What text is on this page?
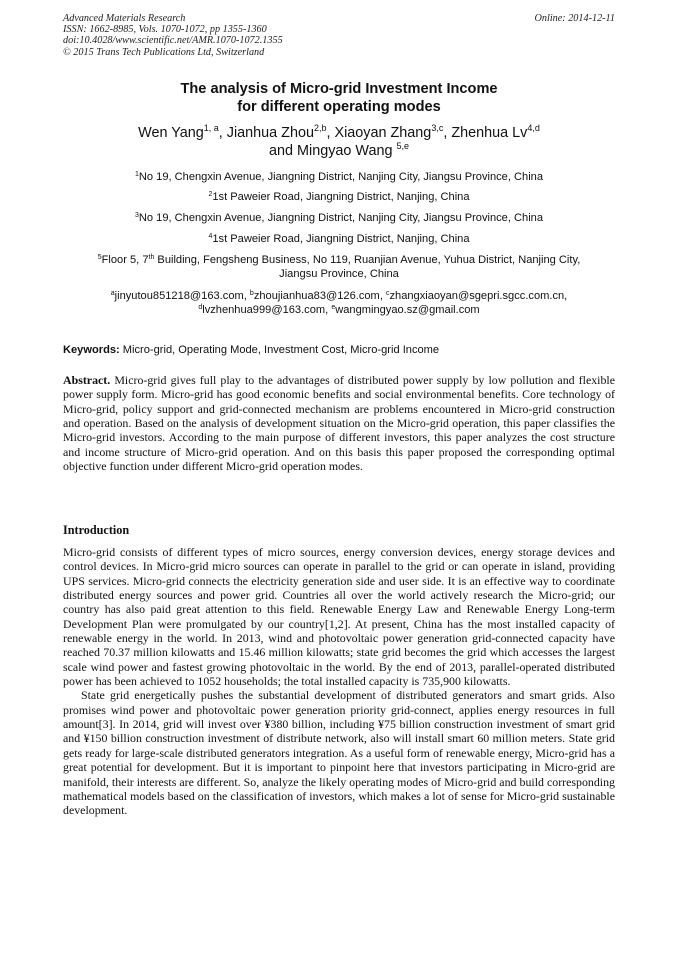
Advanced Materials Research
ISSN: 1662-8985, Vols. 1070-1072, pp 1355-1360
doi:10.4028/www.scientific.net/AMR.1070-1072.1355
© 2015 Trans Tech Publications Ltd, Switzerland
Online: 2014-12-11
The analysis of Micro-grid Investment Income
for different operating modes
Wen Yang$^{1, a}$, Jianhua Zhou$^{2,b}$, Xiaoyan Zhang$^{3,c}$, Zhenhua Lv$^{4,d}$
and Mingyao Wang $^{5,e}$
$^1$No 19, Chengxin Avenue, Jiangning District, Nanjing City, Jiangsu Province, China
$^2$1st Paweier Road, Jiangning District, Nanjing, China
$^3$No 19, Chengxin Avenue, Jiangning District, Nanjing City, Jiangsu Province, China
$^4$1st Paweier Road, Jiangning District, Nanjing, China
$^5$Floor 5, 7th Building, Fengsheng Business, No 119, Ruanjian Avenue, Yuhua District, Nanjing City,
Jiangsu Province, China
$^a$jinyutou851218@163.com, $^b$zhoujianhua83@126.com, $^c$zhangxiaoyan@sgepri.sgcc.com.cn,
$^d$lvzhenhua999@163.com, $^e$wangmingyao.sz@gmail.com
Keywords: Micro-grid, Operating Mode, Investment Cost, Micro-grid Income
Abstract. Micro-grid gives full play to the advantages of distributed power supply by low pollution and flexible power supply form. Micro-grid has good economic benefits and social environmental benefits. Core technology of Micro-grid, policy support and grid-connected mechanism are problems encountered in Micro-grid construction and operation. Based on the analysis of development situation on the Micro-grid operation, this paper classifies the Micro-grid investors. According to the main purpose of different investors, this paper analyzes the cost structure and income structure of Micro-grid operation. And on this basis this paper proposed the corresponding optimal objective function under different Micro-grid operation modes.
Introduction
Micro-grid consists of different types of micro sources, energy conversion devices, energy storage devices and control devices. In Micro-grid micro sources can operate in parallel to the grid or can operate in island, providing UPS services. Micro-grid connects the electricity generation side and user side. It is an effective way to coordinate distributed energy sources and power grid. Countries all over the world actively research the Micro-grid; our country has also paid great attention to this field. Renewable Energy Law and Renewable Energy Long-term Development Plan were promulgated by our country[1,2]. At present, China has the most installed capacity of renewable energy in the world. In 2013, wind and photovoltaic power generation grid-connected capacity have reached 70.37 million kilowatts and 15.46 million kilowatts; state grid becomes the grid which accesses the largest scale wind power and fastest growing photovoltaic in the world. By the end of 2013, parallel-operated distributed power has been achieved to 1052 households; the total installed capacity is 735,900 kilowatts.
State grid energetically pushes the substantial development of distributed generators and smart grids. Also promises wind power and photovoltaic power generation priority grid-connect, applies energy resources in full amount[3]. In 2014, grid will invest over ¥380 billion, including ¥75 billion construction investment of smart grid and ¥150 billion construction investment of distribute network, also will install smart 60 million meters. State grid gets ready for large-scale distributed generators integration. As a useful form of renewable energy, Micro-grid has a great potential for development. But it is important to pinpoint here that investors participating in Micro-grid are manifold, their interests are different. So, analyze the likely operating modes of Micro-grid and build corresponding mathematical models based on the classification of investors, which makes a lot of sense for Micro-grid sustainable development.
